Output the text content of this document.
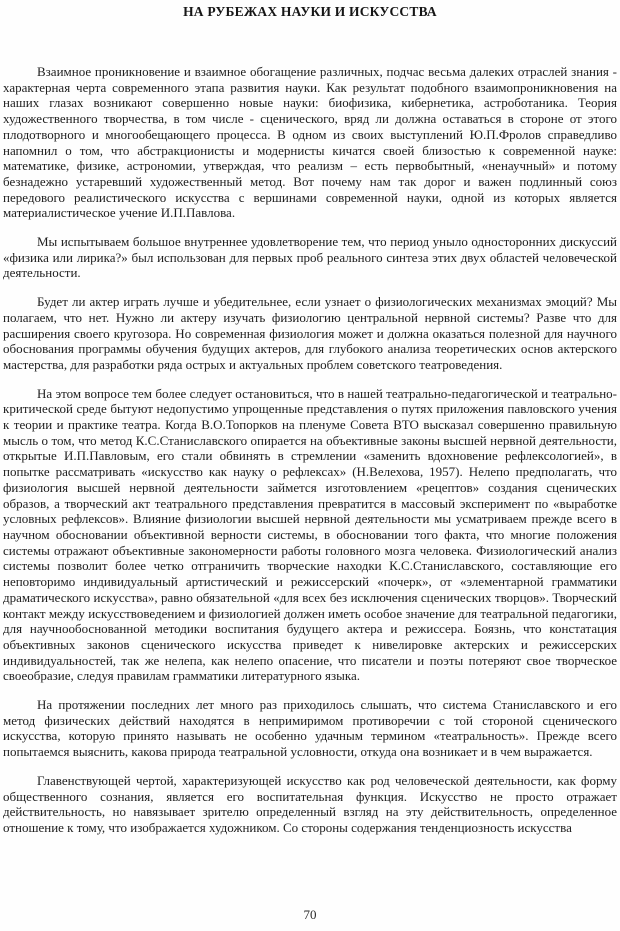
НА РУБЕЖАХ НАУКИ И ИСКУССТВА

Взаимное проникновение и взаимное обогащение различных, подчас весьма далеких отраслей знания - характерная черта современного этапа развития науки. Как результат подобного взаимопроникновения на наших глазах возникают совершенно новые науки: биофизика, кибернетика, астроботаника. Теория художественного творчества, в том числе - сценического, вряд ли должна оставаться в стороне от этого плодотворного и многообещающего процесса. В одном из своих выступлений Ю.П.Фролов справедливо напомнил о том, что абстракционисты и модернисты кичатся своей близостью к современной науке: математике, физике, астрономии, утверждая, что реализм – есть первобытный, «ненаучный» и потому безнадежно устаревший художественный метод. Вот почему нам так дорог и важен подлинный союз передового реалистического искусства с вершинами современной науки, одной из которых является материалистическое учение И.П.Павлова.

Мы испытываем большое внутреннее удовлетворение тем, что период уныло односторонних дискуссий «физика или лирика?» был использован для первых проб реального синтеза этих двух областей человеческой деятельности.

Будет ли актер играть лучше и убедительнее, если узнает о физиологических механизмах эмоций? Мы полагаем, что нет. Нужно ли актеру изучать физиологию центральной нервной системы? Разве что для расширения своего кругозора. Но современная физиология может и должна оказаться полезной для научного обоснования программы обучения будущих актеров, для глубокого анализа теоретических основ актерского мастерства, для разработки ряда острых и актуальных проблем советского театроведения.

На этом вопросе тем более следует остановиться, что в нашей театрально-педагогической и театрально-критической среде бытуют недопустимо упрощенные представления о путях приложения павловского учения к теории и практике театра. Когда В.О.Топорков на пленуме Совета ВТО высказал совершенно правильную мысль о том, что метод К.С.Станиславского опирается на объективные законы высшей нервной деятельности, открытые И.П.Павловым, его стали обвинять в стремлении «заменить вдохновение рефлексологией», в попытке рассматривать «искусство как науку о рефлексах» (Н.Велехова, 1957). Нелепо предполагать, что физиология высшей нервной деятельности займется изготовлением «рецептов» создания сценических образов, а творческий акт театрального представления превратится в массовый эксперимент по «выработке условных рефлексов». Влияние физиологии высшей нервной деятельности мы усматриваем прежде всего в научном обосновании объективной верности системы, в обосновании того факта, что многие положения системы отражают объективные закономерности работы головного мозга человека. Физиологический анализ системы позволит более четко отграничить творческие находки К.С.Станиславского, составляющие его неповторимо индивидуальный артистический и режиссерский «почерк», от «элементарной грамматики драматического искусства», равно обязательной «для всех без исключения сценических творцов». Творческий контакт между искусствоведением и физиологией должен иметь особое значение для театральной педагогики, для научнообоснованной методики воспитания будущего актера и режиссера. Боязнь, что констатация объективных законов сценического искусства приведет к нивелировке актерских и режиссерских индивидуальностей, так же нелепа, как нелепо опасение, что писатели и поэты потеряют свое творческое своеобразие, следуя правилам грамматики литературного языка.

На протяжении последних лет много раз приходилось слышать, что система Станиславского и его метод физических действий находятся в непримиримом противоречии с той стороной сценического искусства, которую принято называть не особенно удачным термином «театральность». Прежде всего попытаемся выяснить, какова природа театральной условности, откуда она возникает и в чем выражается.

Главенствующей чертой, характеризующей искусство как род человеческой деятельности, как форму общественного сознания, является его воспитательная функция. Искусство не просто отражает действительность, но навязывает зрителю определенный взгляд на эту действительность, определенное отношение к тому, что изображается художником. Со стороны содержания тенденциозность искусства

70
